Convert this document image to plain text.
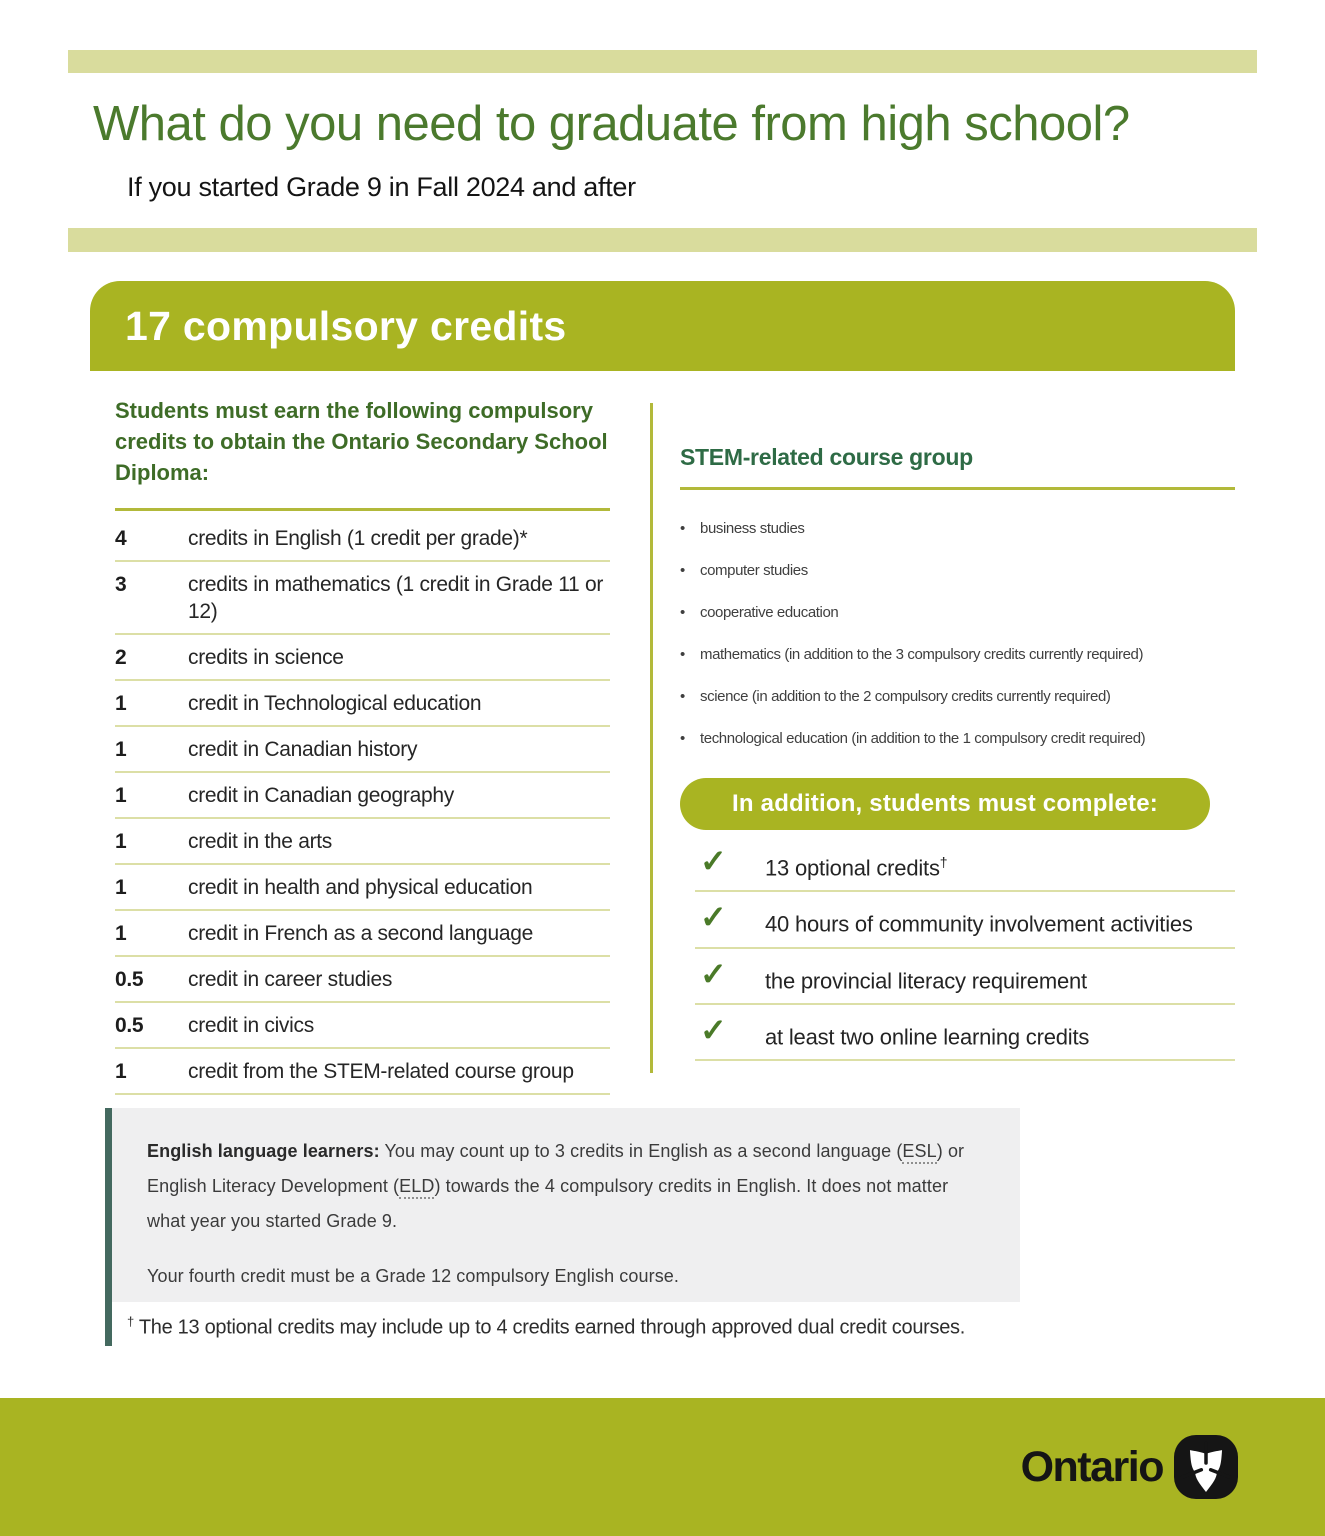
What do you need to graduate from high school?
If you started Grade 9 in Fall 2024 and after
17 compulsory credits
Students must earn the following compulsory credits to obtain the Ontario Secondary School Diploma:
4	credits in English (1 credit per grade)*
3	credits in mathematics (1 credit in Grade 11 or 12)
2	credits in science
1	credit in Technological education
1	credit in Canadian history
1	credit in Canadian geography
1	credit in the arts
1	credit in health and physical education
1	credit in French as a second language
0.5	credit in career studies
0.5	credit in civics
1	credit from the STEM-related course group
STEM-related course group
•	business studies
•	computer studies
•	cooperative education
•	mathematics (in addition to the 3 compulsory credits currently required)
•	science (in addition to the 2 compulsory credits currently required)
•	technological education (in addition to the 1 compulsory credit required)
In addition, students must complete:
✓	13 optional credits†
✓	40 hours of community involvement activities
✓	the provincial literacy requirement
✓	at least two online learning credits

English language learners: You may count up to 3 credits in English as a second language (ESL) or English Literacy Development (ELD) towards the 4 compulsory credits in English. It does not matter what year you started Grade 9.

Your fourth credit must be a Grade 12 compulsory English course.

† The 13 optional credits may include up to 4 credits earned through approved dual credit courses.
Ontario
